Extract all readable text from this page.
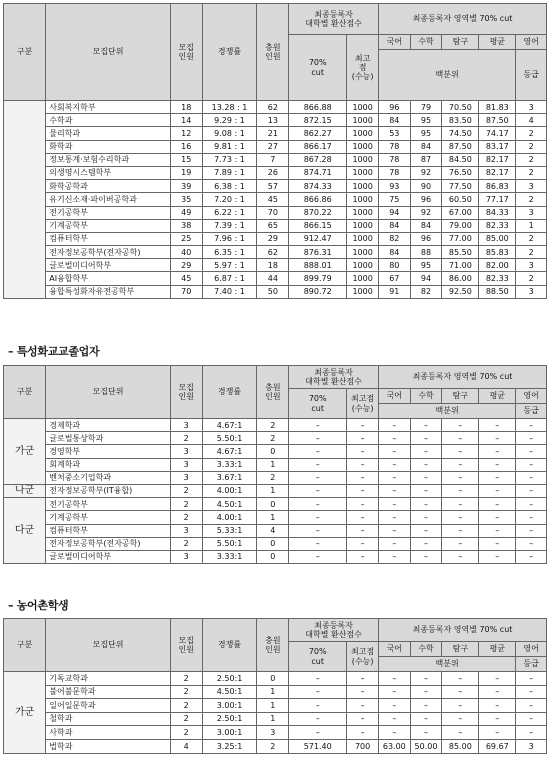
구분	모집단위	모집
인원	경쟁률	충원
인원	최종등록자
대학별 환산점수		최종등록자 영역별 70% cut				
					70%
cut	최고
점
(수능)	국어	수학	탐구	평균	영어
							백분위				등급
	사회복지학부	18	13.28 : 1	62	866.88	1000	96	79	70.50	81.83	3
	수학과	14	9.29 : 1	13	872.15	1000	84	95	83.50	87.50	4
	물리학과	12	9.08 : 1	21	862.27	1000	53	95	74.50	74.17	2
	화학과	16	9.81 : 1	27	866.17	1000	78	84	87.50	83.17	2
	정보통계·보험수리학과	15	7.73 : 1	7	867.28	1000	78	87	84.50	82.17	2
	의생명시스템학부	19	7.89 : 1	26	874.71	1000	78	92	76.50	82.17	2
	화학공학과	39	6.38 : 1	57	874.33	1000	93	90	77.50	86.83	3
	유기신소재·파이버공학과	35	7.20 : 1	45	866.86	1000	75	96	60.50	77.17	2
	전기공학부	49	6.22 : 1	70	870.22	1000	94	92	67.00	84.33	3
	기계공학부	38	7.39 : 1	65	866.15	1000	84	84	79.00	82.33	1
	컴퓨터학부	25	7.96 : 1	29	912.47	1000	82	96	77.00	85.00	2
	전자정보공학부(전자공학)	40	6.35 : 1	62	876.31	1000	84	88	85.50	85.83	2
	글로벌미디어학부	29	5.97 : 1	18	888.01	1000	80	95	71.00	82.00	3
	AI융합학부	45	6.87 : 1	44	899.79	1000	67	94	86.00	82.33	2
	융합특성화자유전공학부	70	7.40 : 1	50	890.72	1000	91	82	92.50	88.50	3
– 특성화교교졸업자
구분	모집단위	모집
인원	경쟁률	충원
인원	최종등록자
대학별 환산점수		최종등록자 영역별 70% cut				
					70%
cut	최고점
(수능)	국어	수학	탐구	평균	영어
							백분위				등급
가군	경제학과	3	4.67:1	2	–	–	–	–	–	–	–
	글로벌통상학과	2	5.50:1	2	–	–	–	–	–	–	–
	경영학부	3	4.67:1	0	–	–	–	–	–	–	–
	회계학과	3	3.33:1	1	–	–	–	–	–	–	–
	벤처중소기업학과	3	3.67:1	2	–	–	–	–	–	–	–
나군	전자정보공학부(IT융합)	2	4.00:1	1	–	–	–	–	–	–	–
다군	전기공학부	2	4.50:1	0	–	–	–	–	–	–	–
	기계공학부	2	4.00:1	1	–	–	–	–	–	–	–
	컴퓨터학부	3	5.33:1	4	–	–	–	–	–	–	–
	전자정보공학부(전자공학)	2	5.50:1	0	–	–	–	–	–	–	–
	글로벌미디어학부	3	3.33:1	0	–	–	–	–	–	–	–
– 농어촌학생
구분	모집단위	모집
인원	경쟁률	충원
인원	최종등록자
대학별 환산점수		최종등록자 영역별 70% cut				
					70%
cut	최고점
(수능)	국어	수학	탐구	평균	영어
							백분위				등급
가군	기독교학과	2	2.50:1	0	–	–	–	–	–	–	–
	불어불문학과	2	4.50:1	1	–	–	–	–	–	–	–
	일어일문학과	2	3.00:1	1	–	–	–	–	–	–	–
	철학과	2	2.50:1	1	–	–	–	–	–	–	–
	사학과	2	3.00:1	3	–	–	–	–	–	–	–
	법학과	4	3.25:1	2	571.40	700	63.00	50.00	85.00	69.67	3
